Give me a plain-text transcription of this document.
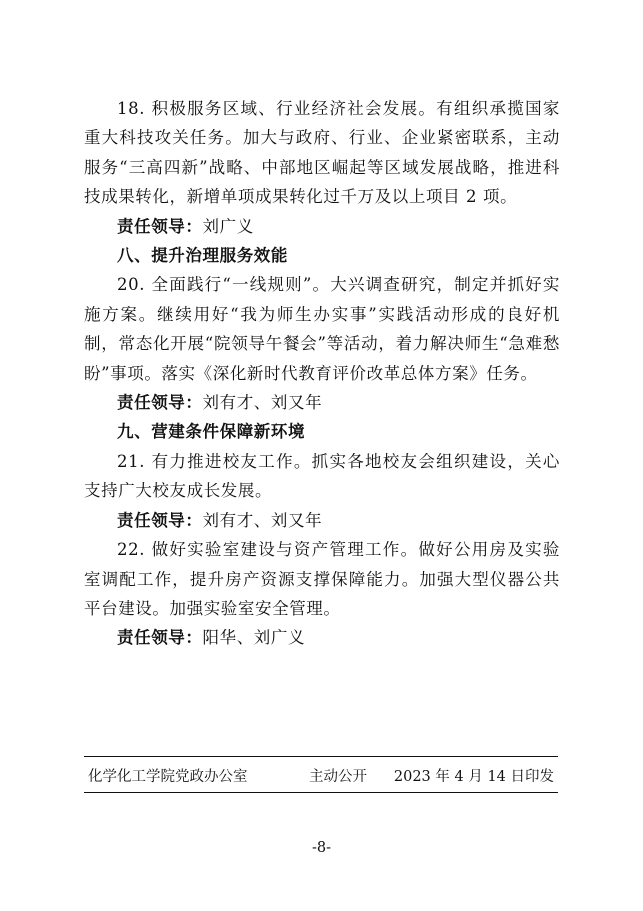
18. 积极服务区域、行业经济社会发展。有组织承揽国家重大科技攻关任务。加大与政府、行业、企业紧密联系，主动服务“三高四新”战略、中部地区崛起等区域发展战略，推进科技成果转化，新增单项成果转化过千万及以上项目 2 项。

责任领导：刘广义

八、提升治理服务效能

20. 全面践行“一线规则”。大兴调查研究，制定并抓好实施方案。继续用好“我为师生办实事”实践活动形成的良好机制，常态化开展“院领导午餐会”等活动，着力解决师生“急难愁盼”事项。落实《深化新时代教育评价改革总体方案》任务。

责任领导：刘有才、刘又年

九、营建条件保障新环境

21. 有力推进校友工作。抓实各地校友会组织建设，关心支持广大校友成长发展。

责任领导：刘有才、刘又年

22. 做好实验室建设与资产管理工作。做好公用房及实验室调配工作，提升房产资源支撑保障能力。加强大型仪器公共平台建设。加强实验室安全管理。

责任领导：阳华、刘广义

化学化工学院党政办公室	主动公开 2023 年 4 月 14 日印发
-8-
